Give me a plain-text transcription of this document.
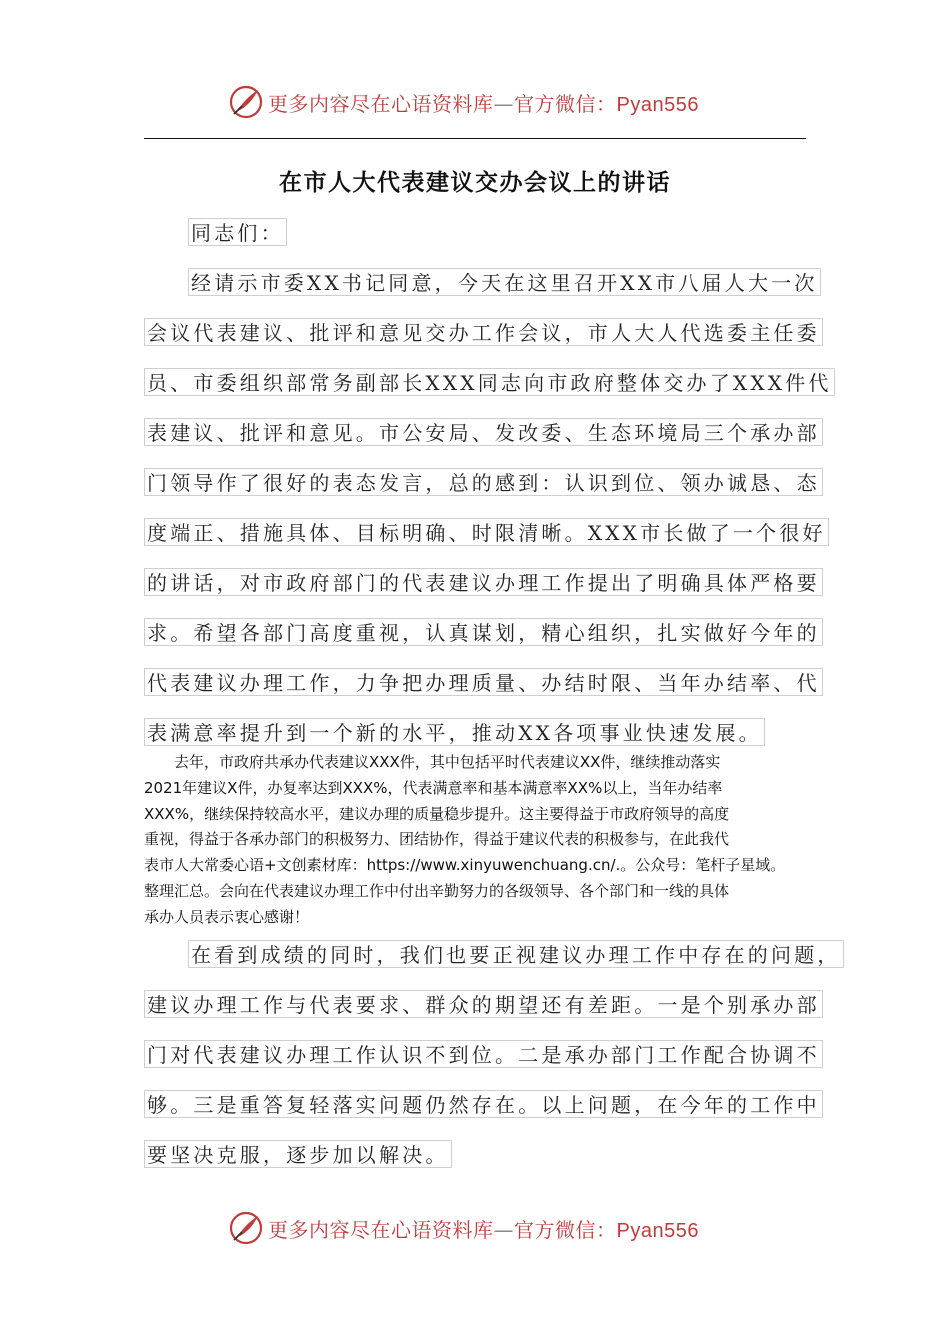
更多内容尽在心语资料库—官方微信：Pyan556
在市人大代表建议交办会议上的讲话
同志们：
经请示市委XX书记同意，今天在这里召开XX市八届人大一次
会议代表建议、批评和意见交办工作会议，市人大人代选委主任委
员、市委组织部常务副部长XXX同志向市政府整体交办了XXX件代
表建议、批评和意见。市公安局、发改委、生态环境局三个承办部
门领导作了很好的表态发言，总的感到：认识到位、领办诚恳、态
度端正、措施具体、目标明确、时限清晰。XXX市长做了一个很好
的讲话，对市政府部门的代表建议办理工作提出了明确具体严格要
求。希望各部门高度重视，认真谋划，精心组织，扎实做好今年的
代表建议办理工作，力争把办理质量、办结时限、当年办结率、代
表满意率提升到一个新的水平，推动XX各项事业快速发展。

　　去年，市政府共承办代表建议XXX件，其中包括平时代表建议XX件，继续推动落实

2021年建议X件，办复率达到XXX%，代表满意率和基本满意率XX%以上，当年办结率

XXX%，继续保持较高水平，建议办理的质量稳步提升。这主要得益于市政府领导的高度

重视，得益于各承办部门的积极努力、团结协作，得益于建议代表的积极参与，在此我代

表市人大常委心语+文创素材库：https://www.xinyuwenchuang.cn/.。公众号：笔杆子星域。

整理汇总。会向在代表建议办理工作中付出辛勤努力的各级领导、各个部门和一线的具体

承办人员表示衷心感谢！

在看到成绩的同时，我们也要正视建议办理工作中存在的问题，
建议办理工作与代表要求、群众的期望还有差距。一是个别承办部
门对代表建议办理工作认识不到位。二是承办部门工作配合协调不
够。三是重答复轻落实问题仍然存在。以上问题，在今年的工作中
要坚决克服，逐步加以解决。
更多内容尽在心语资料库—官方微信：Pyan556
